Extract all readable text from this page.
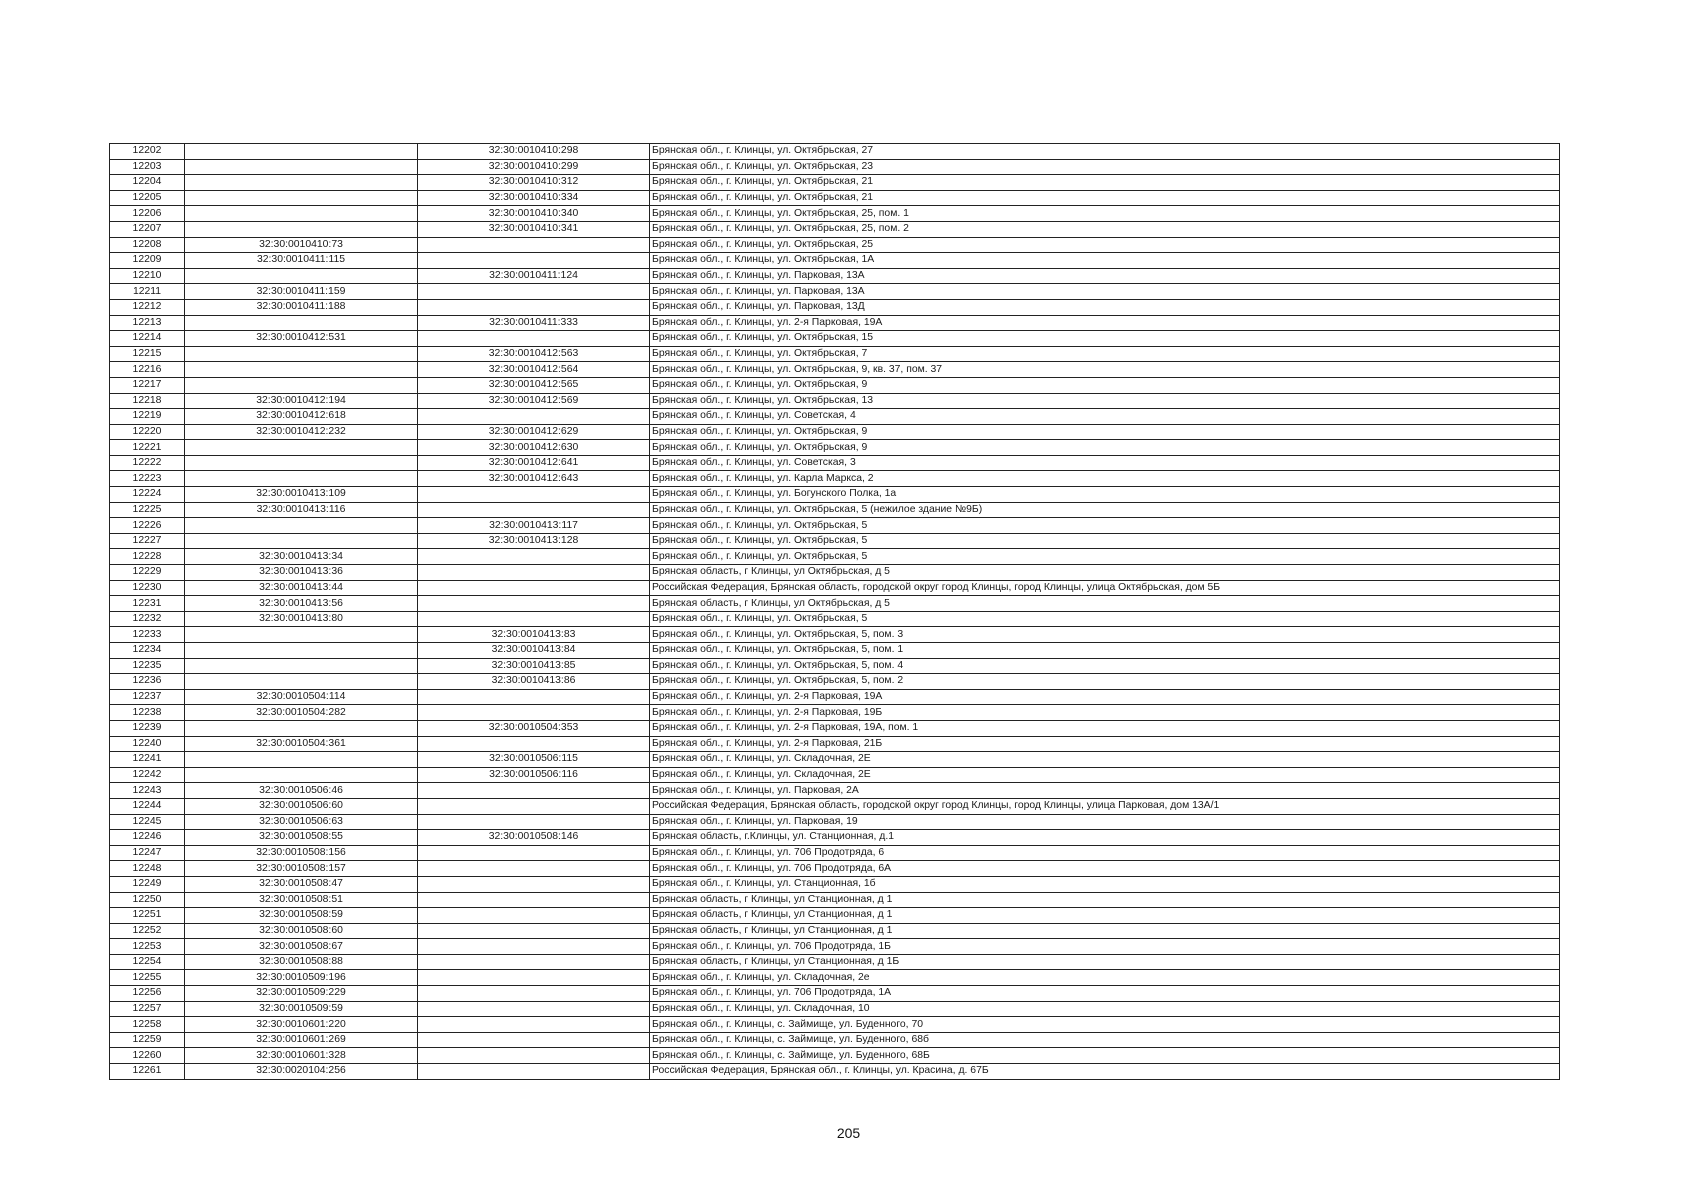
12202		32:30:0010410:298	Брянская обл., г. Клинцы, ул. Октябрьская, 27
12203		32:30:0010410:299	Брянская обл., г. Клинцы, ул. Октябрьская, 23
12204		32:30:0010410:312	Брянская обл., г. Клинцы, ул. Октябрьская, 21
12205		32:30:0010410:334	Брянская обл., г. Клинцы, ул. Октябрьская, 21
12206		32:30:0010410:340	Брянская обл., г. Клинцы, ул. Октябрьская, 25, пом. 1
12207		32:30:0010410:341	Брянская обл., г. Клинцы, ул. Октябрьская, 25, пом. 2
12208	32:30:0010410:73		Брянская обл., г. Клинцы, ул. Октябрьская, 25
12209	32:30:0010411:115		Брянская обл., г. Клинцы, ул. Октябрьская, 1А
12210		32:30:0010411:124	Брянская обл., г. Клинцы, ул. Парковая, 13А
12211	32:30:0010411:159		Брянская обл., г. Клинцы, ул. Парковая, 13А
12212	32:30:0010411:188		Брянская обл., г. Клинцы, ул. Парковая, 13Д
12213		32:30:0010411:333	Брянская обл., г. Клинцы, ул. 2-я Парковая, 19А
12214	32:30:0010412:531		Брянская обл., г. Клинцы, ул. Октябрьская, 15
12215		32:30:0010412:563	Брянская обл., г. Клинцы, ул. Октябрьская, 7
12216		32:30:0010412:564	Брянская обл., г. Клинцы, ул. Октябрьская, 9, кв. 37, пом. 37
12217		32:30:0010412:565	Брянская обл., г. Клинцы, ул. Октябрьская, 9
12218	32:30:0010412:194	32:30:0010412:569	Брянская обл., г. Клинцы, ул. Октябрьская, 13
12219	32:30:0010412:618		Брянская обл., г. Клинцы, ул. Советская, 4
12220	32:30:0010412:232	32:30:0010412:629	Брянская обл., г. Клинцы, ул. Октябрьская, 9
12221		32:30:0010412:630	Брянская обл., г. Клинцы, ул. Октябрьская, 9
12222		32:30:0010412:641	Брянская обл., г. Клинцы, ул. Советская, 3
12223		32:30:0010412:643	Брянская обл., г. Клинцы, ул. Карла Маркса, 2
12224	32:30:0010413:109		Брянская обл., г. Клинцы, ул. Богунского Полка, 1а
12225	32:30:0010413:116		Брянская обл., г. Клинцы, ул. Октябрьская, 5 (нежилое здание №9Б)
12226		32:30:0010413:117	Брянская обл., г. Клинцы, ул. Октябрьская, 5
12227		32:30:0010413:128	Брянская обл., г. Клинцы, ул. Октябрьская, 5
12228	32:30:0010413:34		Брянская обл., г. Клинцы, ул. Октябрьская, 5
12229	32:30:0010413:36		Брянская область, г Клинцы, ул Октябрьская, д 5
12230	32:30:0010413:44		Российская Федерация, Брянская область, городской округ город Клинцы, город Клинцы, улица Октябрьская, дом 5Б
12231	32:30:0010413:56		Брянская область, г Клинцы, ул Октябрьская, д 5
12232	32:30:0010413:80		Брянская обл., г. Клинцы, ул. Октябрьская, 5
12233		32:30:0010413:83	Брянская обл., г. Клинцы, ул. Октябрьская, 5, пом. 3
12234		32:30:0010413:84	Брянская обл., г. Клинцы, ул. Октябрьская, 5, пом. 1
12235		32:30:0010413:85	Брянская обл., г. Клинцы, ул. Октябрьская, 5, пом. 4
12236		32:30:0010413:86	Брянская обл., г. Клинцы, ул. Октябрьская, 5, пом. 2
12237	32:30:0010504:114		Брянская обл., г. Клинцы, ул. 2-я Парковая, 19А
12238	32:30:0010504:282		Брянская обл., г. Клинцы, ул. 2-я Парковая, 19Б
12239		32:30:0010504:353	Брянская обл., г. Клинцы, ул. 2-я Парковая, 19А, пом. 1
12240	32:30:0010504:361		Брянская обл., г. Клинцы, ул. 2-я Парковая, 21Б
12241		32:30:0010506:115	Брянская обл., г. Клинцы, ул. Складочная, 2Е
12242		32:30:0010506:116	Брянская обл., г. Клинцы, ул. Складочная, 2Е
12243	32:30:0010506:46		Брянская обл., г. Клинцы, ул. Парковая, 2А
12244	32:30:0010506:60		Российская Федерация, Брянская область, городской округ город Клинцы, город Клинцы, улица Парковая, дом 13А/1
12245	32:30:0010506:63		Брянская обл., г. Клинцы, ул. Парковая, 19
12246	32:30:0010508:55	32:30:0010508:146	Брянская область, г.Клинцы, ул. Станционная, д.1
12247	32:30:0010508:156		Брянская обл., г. Клинцы, ул. 706 Продотряда, 6
12248	32:30:0010508:157		Брянская обл., г. Клинцы, ул. 706 Продотряда, 6А
12249	32:30:0010508:47		Брянская обл., г. Клинцы, ул. Станционная, 1б
12250	32:30:0010508:51		Брянская область, г Клинцы, ул Станционная, д 1
12251	32:30:0010508:59		Брянская область, г Клинцы, ул Станционная, д 1
12252	32:30:0010508:60		Брянская область, г Клинцы, ул Станционная, д 1
12253	32:30:0010508:67		Брянская обл., г. Клинцы, ул. 706 Продотряда, 1Б
12254	32:30:0010508:88		Брянская область, г Клинцы, ул Станционная, д 1Б
12255	32:30:0010509:196		Брянская обл., г. Клинцы, ул. Складочная, 2е
12256	32:30:0010509:229		Брянская обл., г. Клинцы, ул. 706 Продотряда, 1А
12257	32:30:0010509:59		Брянская обл., г. Клинцы, ул. Складочная, 10
12258	32:30:0010601:220		Брянская обл., г. Клинцы, с. Займище, ул. Буденного, 70
12259	32:30:0010601:269		Брянская обл., г. Клинцы, с. Займище, ул. Буденного, 68б
12260	32:30:0010601:328		Брянская обл., г. Клинцы, с. Займище, ул. Буденного, 68Б
12261	32:30:0020104:256		Российская Федерация, Брянская обл., г. Клинцы, ул. Красина, д. 67Б
205
